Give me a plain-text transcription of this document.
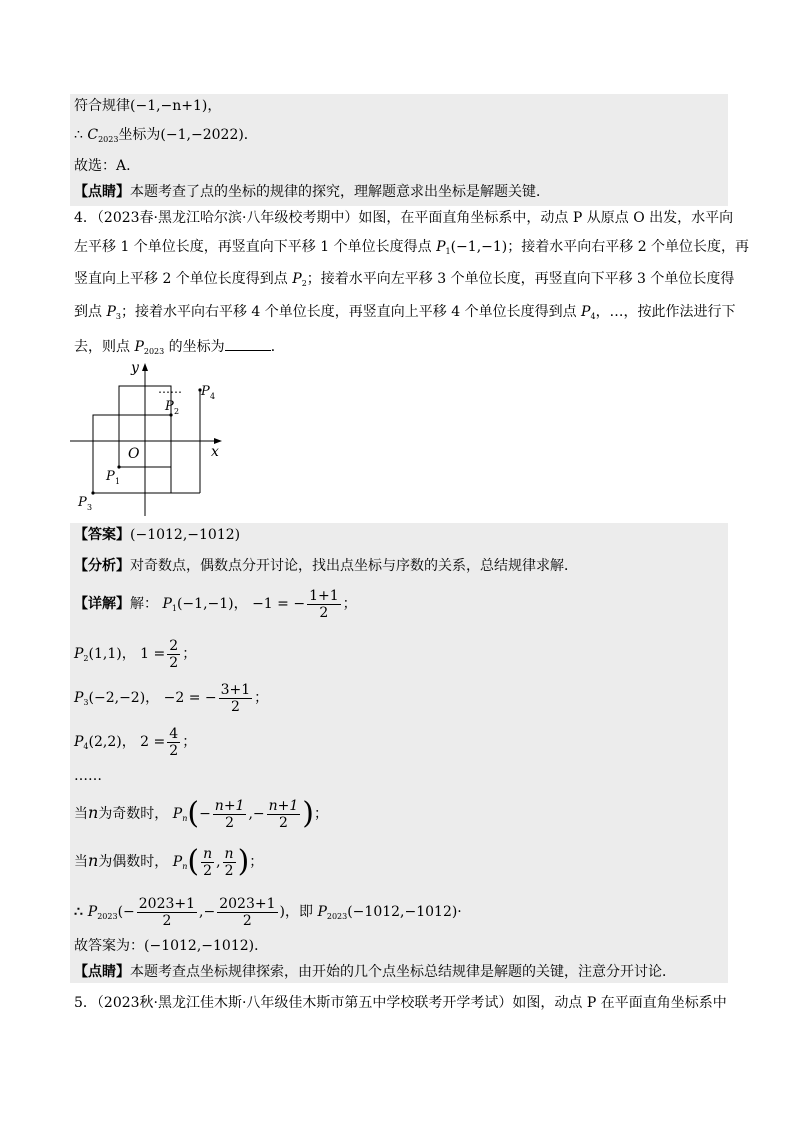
符合规律(−1,−n+1)，
∴ $C_{2023}$坐标为(−1,−2022)．
故选：A.
【点睛】本题考查了点的坐标的规律的探究，理解题意求出坐标是解题关键．
4．（2023春·黑龙江哈尔滨·八年级校考期中）如图，在平面直角坐标系中，动点 P 从原点 O 出发，水平向
左平移 1 个单位长度，再竖直向下平移 1 个单位长度得点 $P_1(-1,-1)$；接着水平向右平移 2 个单位长度，再
竖直向上平移 2 个单位长度得到点 $P_2$；接着水平向左平移 3 个单位长度，再竖直向下平移 3 个单位长度得
到点 $P_3$；接着水平向右平移 4 个单位长度，再竖直向上平移 4 个单位长度得到点 $P_4$，…，按此作法进行下
去，则点 $P_{2023}$ 的坐标为	．
y
x
O
P 1
P 2
P 3
P 4
……
【答案】(−1012,−1012)
【分析】对奇数点，偶数点分开讨论，找出点坐标与序数的关系，总结规律求解．
【详解】解： $P_1(-1,-1)$， −1 = − $\frac{1+1}{2}$ ；
$P_2(1,1)$， $1 = \frac{2}{2}$ ；
$P_3(-2,-2)$， −2 = − $\frac{3+1}{2}$ ；
$P_4(2,2)$， $2 = \frac{4}{2}$ ；
……
当n为奇数时， $P_n(- \frac{n+1}{2}$ ,− $\frac{n+1}{2}$ )；
当n为偶数时， $P_n( \frac{n}{2}$ , $\frac{n}{2}$ )；
∴ $P_{2023}(- \frac{2023+1}{2}$ ,− $\frac{2023+1}{2}$ )，即 $P_{2023}(-1012,-1012)\cdot$
故答案为：(−1012,−1012)．
【点睛】本题考查点坐标规律探索，由开始的几个点坐标总结规律是解题的关键，注意分开讨论．
5．（2023秋·黑龙江佳木斯·八年级佳木斯市第五中学校联考开学考试）如图，动点 P 在平面直角坐标系中
